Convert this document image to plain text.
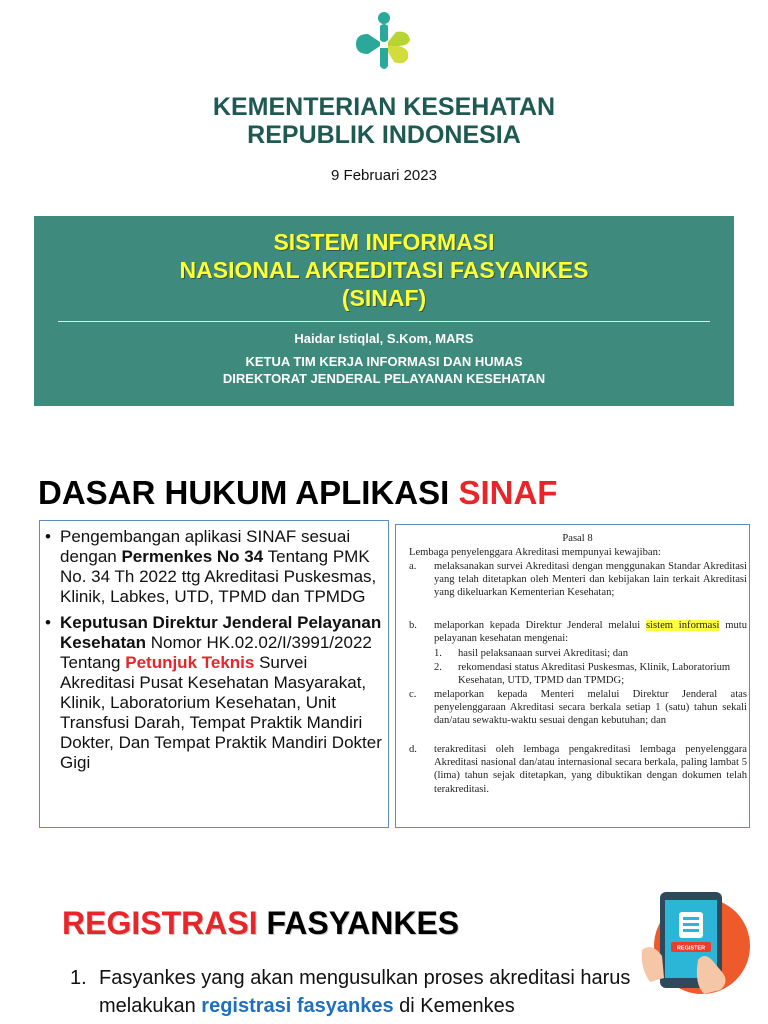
KEMENTERIAN KESEHATAN
REPUBLIK INDONESIA
9 Februari 2023
SISTEM INFORMASI
NASIONAL AKREDITASI FASYANKES
(SINAF)
Haidar Istiqlal, S.Kom, MARS
KETUA TIM KERJA INFORMASI DAN HUMAS
DIREKTORAT JENDERAL PELAYANAN KESEHATAN
DASAR HUKUM APLIKASI SINAF
• Pengembangan aplikasi SINAF sesuai dengan Permenkes No 34 Tentang PMK No. 34 Th 2022 ttg Akreditasi Puskesmas, Klinik, Labkes, UTD, TPMD dan TPMDG
• Keputusan Direktur Jenderal Pelayanan Kesehatan Nomor HK.02.02/I/3991/2022 Tentang Petunjuk Teknis Survei Akreditasi Pusat Kesehatan Masyarakat, Klinik, Laboratorium Kesehatan, Unit Transfusi Darah, Tempat Praktik Mandiri Dokter, Dan Tempat Praktik Mandiri Dokter Gigi
Pasal 8
Lembaga penyelenggara Akreditasi mempunyai kewajiban:
a. melaksanakan survei Akreditasi dengan menggunakan Standar Akreditasi yang telah ditetapkan oleh Menteri dan kebijakan lain terkait Akreditasi yang dikeluarkan Kementerian Kesehatan;
b. melaporkan kepada Direktur Jenderal melalui sistem informasi mutu pelayanan kesehatan mengenai:
1. hasil pelaksanaan survei Akreditasi; dan
2. rekomendasi status Akreditasi Puskesmas, Klinik, Laboratorium Kesehatan, UTD, TPMD dan TPMDG;
c. melaporkan kepada Menteri melalui Direktur Jenderal atas penyelenggaraan Akreditasi secara berkala setiap 1 (satu) tahun sekali dan/atau sewaktu-waktu sesuai dengan kebutuhan; dan
d. terakreditasi oleh lembaga pengakreditasi lembaga penyelenggara Akreditasi nasional dan/atau internasional secara berkala, paling lambat 5 (lima) tahun sejak ditetapkan, yang dibuktikan dengan dokumen telah terakreditasi.
REGISTRASI FASYANKES
REGISTER
1. Fasyankes yang akan mengusulkan proses akreditasi harus melakukan registrasi fasyankes di Kemenkes
